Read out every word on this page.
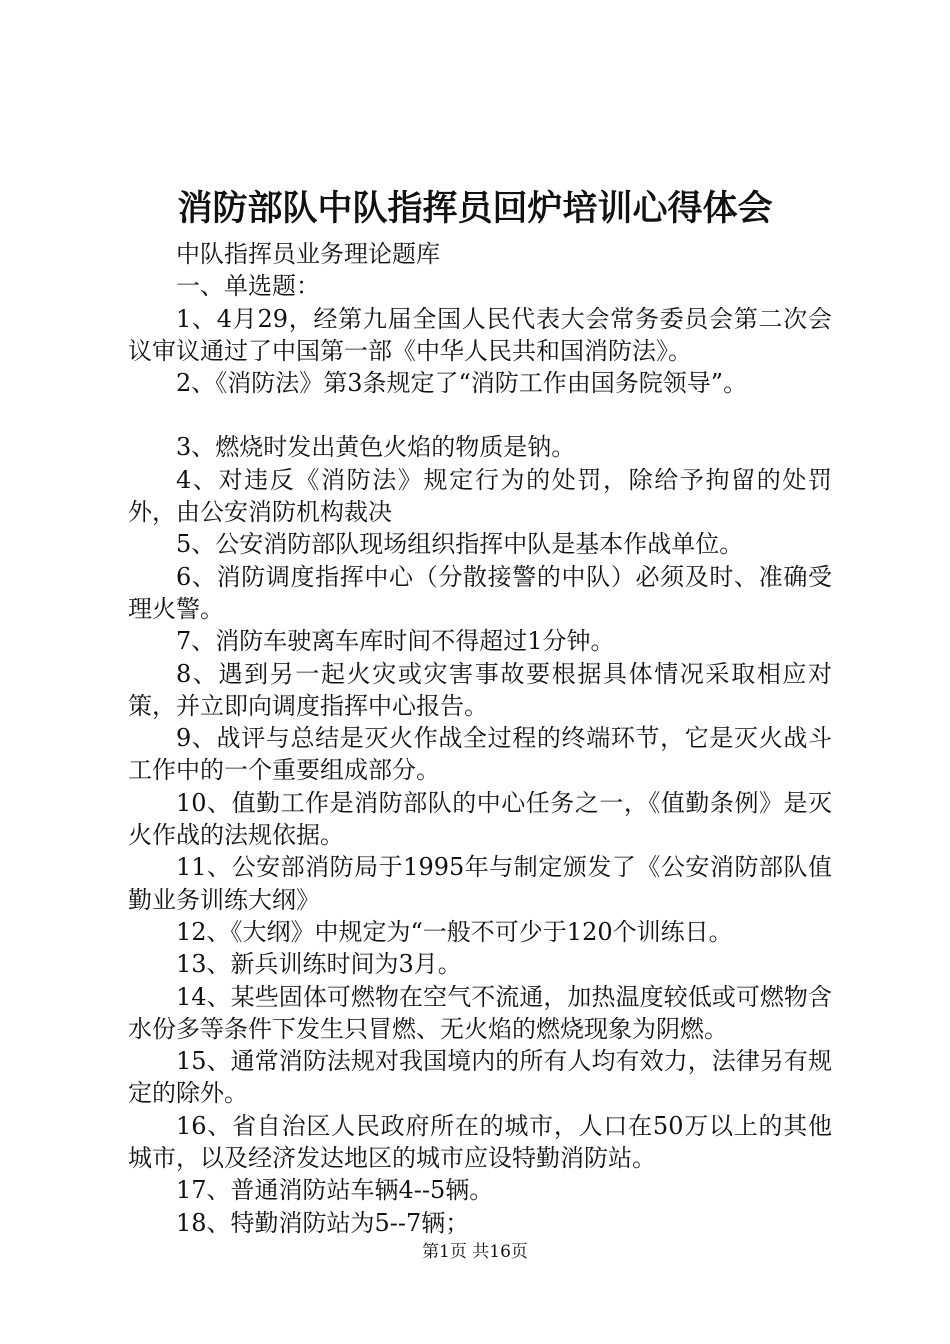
消防部队中队指挥员回炉培训心得体会

中队指挥员业务理论题库

一、单选题：

1、4月29，经第九届全国人民代表大会常务委员会第二次会议审议通过了中国第一部《中华人民共和国消防法》。

2、《消防法》第3条规定了“消防工作由国务院领导”。

3、燃烧时发出黄色火焰的物质是钠。

4、对违反《消防法》规定行为的处罚，除给予拘留的处罚外，由公安消防机构裁决

5、公安消防部队现场组织指挥中队是基本作战单位。

6、消防调度指挥中心（分散接警的中队）必须及时、准确受理火警。

7、消防车驶离车库时间不得超过1分钟。

8、遇到另一起火灾或灾害事故要根据具体情况采取相应对策，并立即向调度指挥中心报告。

9、战评与总结是灭火作战全过程的终端环节，它是灭火战斗工作中的一个重要组成部分。

10、值勤工作是消防部队的中心任务之一，《值勤条例》是灭火作战的法规依据。

11、公安部消防局于1995年与制定颁发了《公安消防部队值勤业务训练大纲》

12、《大纲》中规定为“一般不可少于120个训练日。

13、新兵训练时间为3月。

14、某些固体可燃物在空气不流通，加热温度较低或可燃物含水份多等条件下发生只冒燃、无火焰的燃烧现象为阴燃。

15、通常消防法规对我国境内的所有人均有效力，法律另有规定的除外。

16、省自治区人民政府所在的城市，人口在50万以上的其他城市，以及经济发达地区的城市应设特勤消防站。

17、普通消防站车辆4--5辆。

18、特勤消防站为5--7辆；

第1页 共16页
